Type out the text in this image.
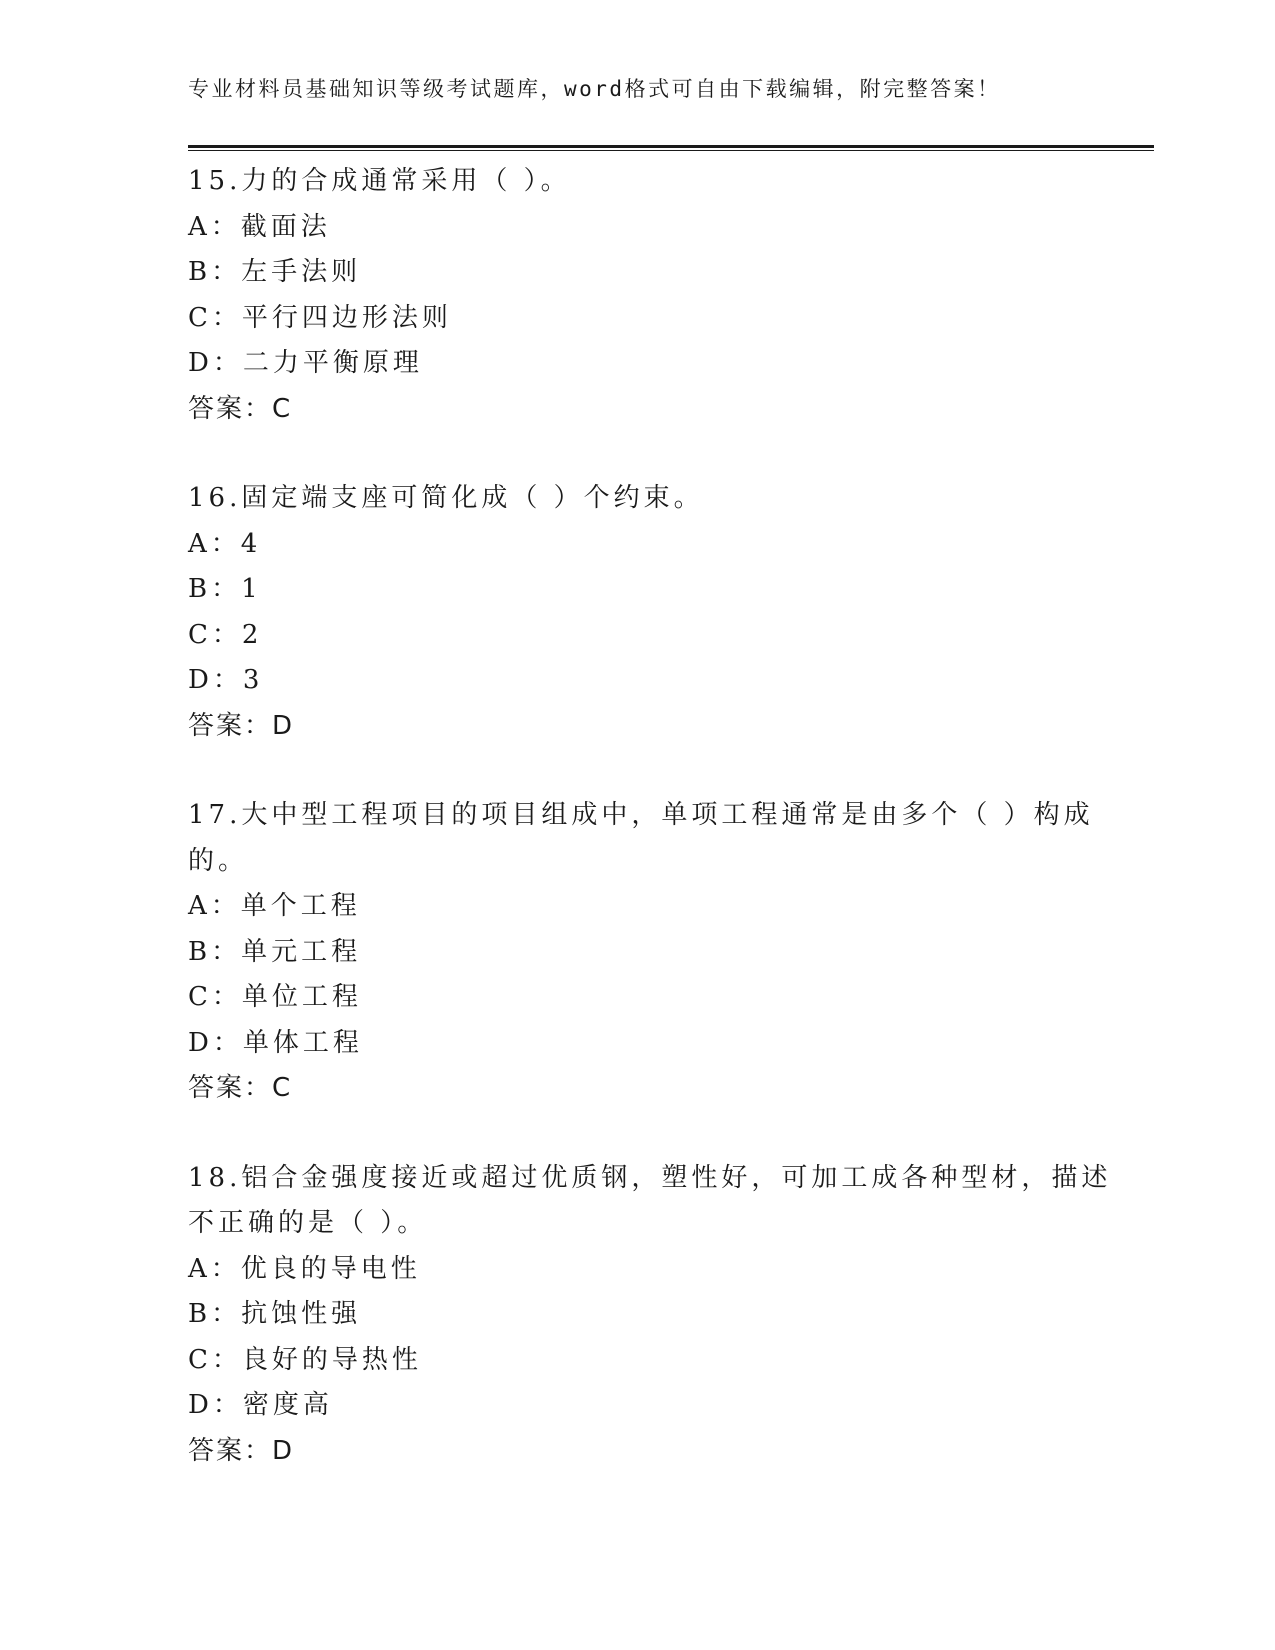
专业材料员基础知识等级考试题库，word格式可自由下载编辑，附完整答案！
15.力的合成通常采用（ ）。
A：截面法
B：左手法则
C：平行四边形法则
D：二力平衡原理
答案：C
16.固定端支座可简化成（ ）个约束。
A：4
B：1
C：2
D：3
答案：D
17.大中型工程项目的项目组成中，单项工程通常是由多个（ ）构成
的。
A：单个工程
B：单元工程
C：单位工程
D：单体工程
答案：C
18.铝合金强度接近或超过优质钢，塑性好，可加工成各种型材，描述
不正确的是（ ）。
A：优良的导电性
B：抗蚀性强
C：良好的导热性
D：密度高
答案：D
